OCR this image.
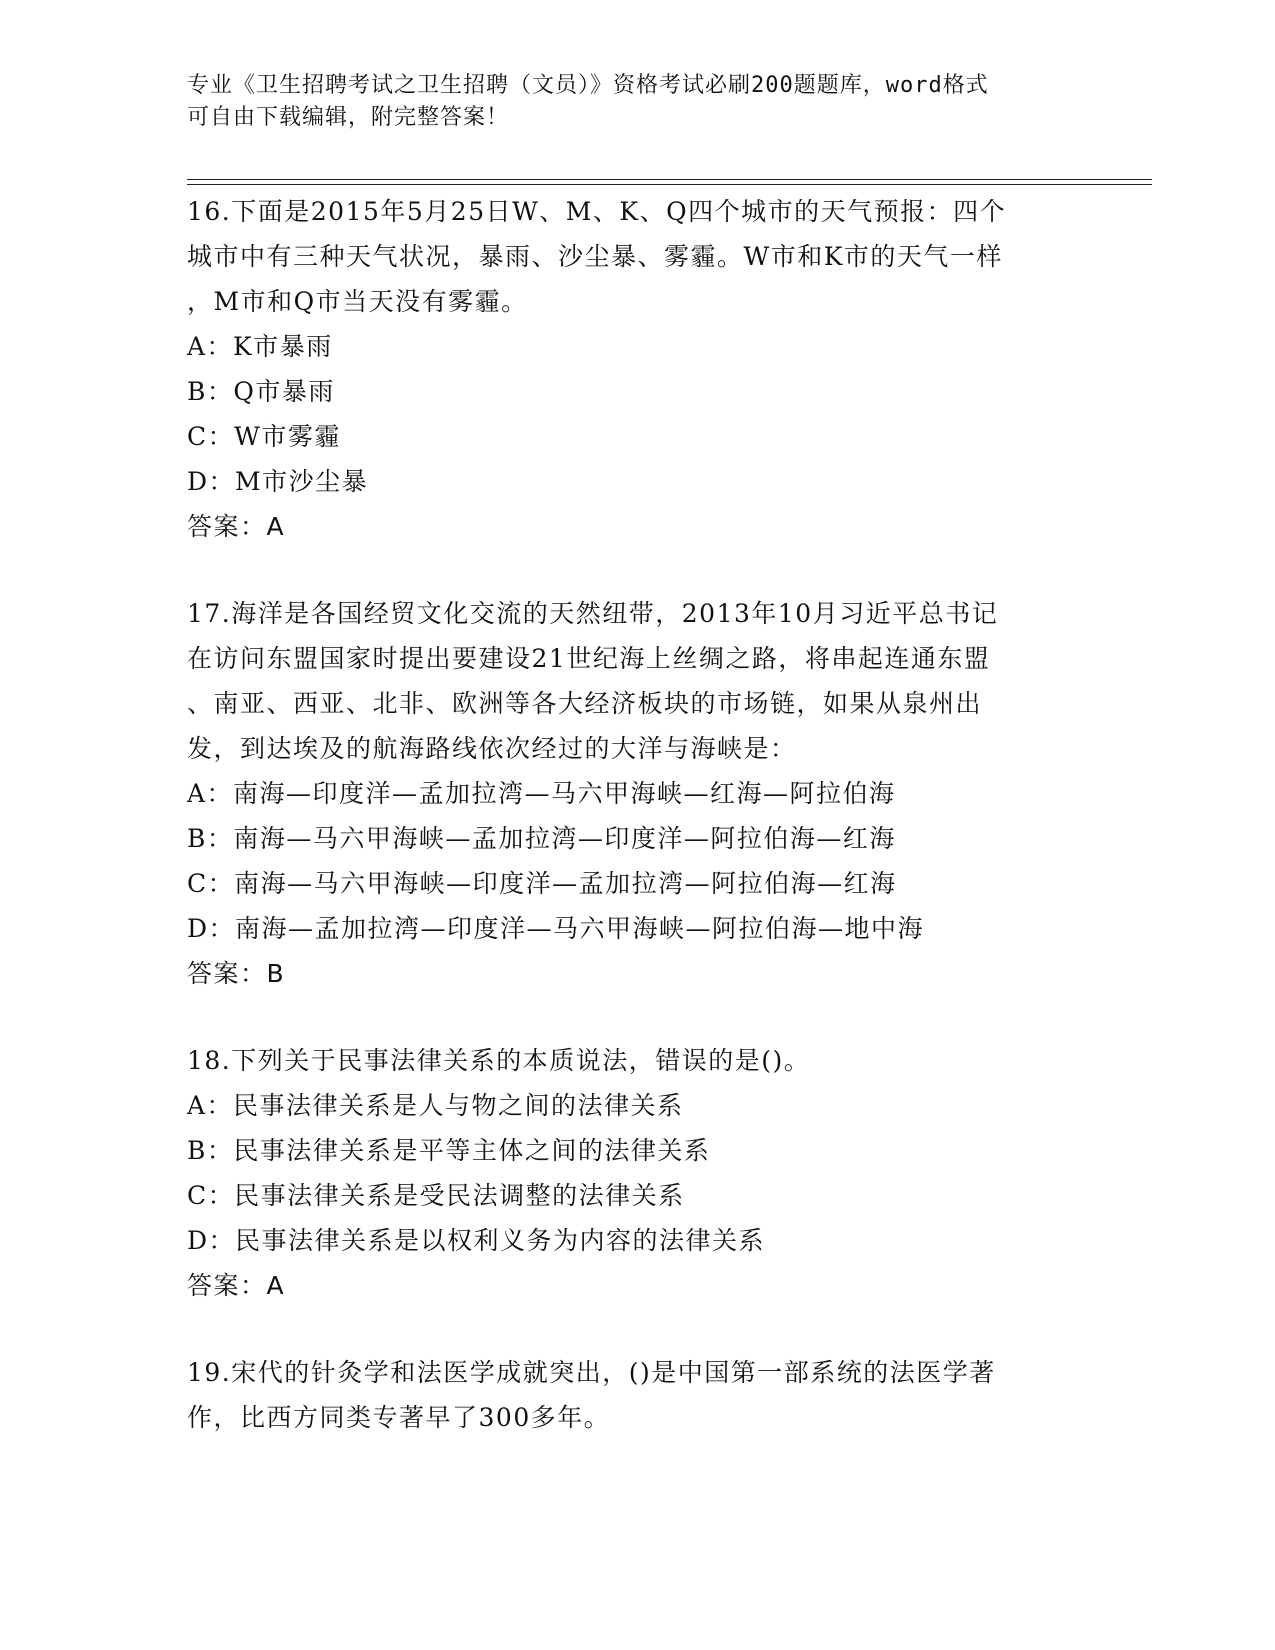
专业《卫生招聘考试之卫生招聘（文员）》资格考试必刷200题题库，word格式

可自由下载编辑，附完整答案！

16.下面是2015年5月25日W、M、K、Q四个城市的天气预报：四个

城市中有三种天气状况，暴雨、沙尘暴、雾霾。W市和K市的天气一样

，M市和Q市当天没有雾霾。

A：K市暴雨

B：Q市暴雨

C：W市雾霾

D：M市沙尘暴

答案：A

17.海洋是各国经贸文化交流的天然纽带，2013年10月习近平总书记

在访问东盟国家时提出要建设21世纪海上丝绸之路，将串起连通东盟

、南亚、西亚、北非、欧洲等各大经济板块的市场链，如果从泉州出

发，到达埃及的航海路线依次经过的大洋与海峡是：

A：南海—印度洋—孟加拉湾—马六甲海峡—红海—阿拉伯海

B：南海—马六甲海峡—孟加拉湾—印度洋—阿拉伯海—红海

C：南海—马六甲海峡—印度洋—孟加拉湾—阿拉伯海—红海

D：南海—孟加拉湾—印度洋—马六甲海峡—阿拉伯海—地中海

答案：B

18.下列关于民事法律关系的本质说法，错误的是()。

A：民事法律关系是人与物之间的法律关系

B：民事法律关系是平等主体之间的法律关系

C：民事法律关系是受民法调整的法律关系

D：民事法律关系是以权利义务为内容的法律关系

答案：A

19.宋代的针灸学和法医学成就突出，()是中国第一部系统的法医学著

作，比西方同类专著早了300多年。
